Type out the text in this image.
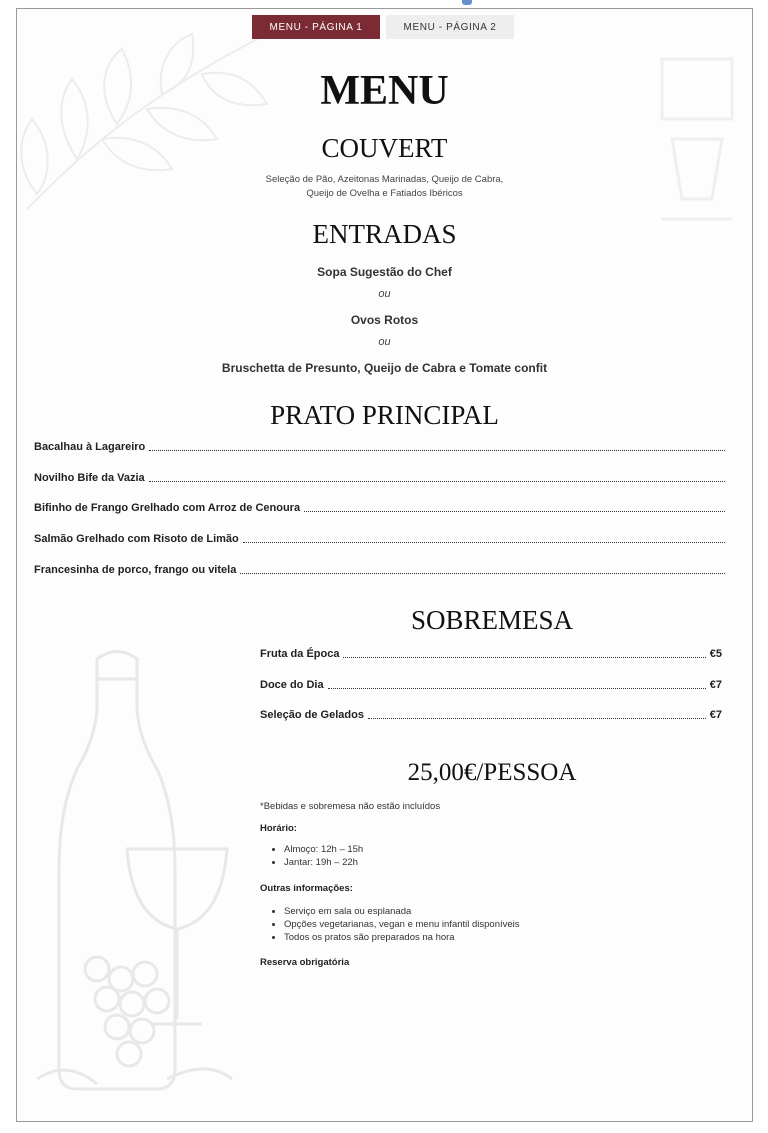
MENU - PÁGINA 1	MENU - PÁGINA 2
MENU
COUVERT
Seleção de Pão, Azeitonas Marinadas, Queijo de Cabra,
Queijo de Ovelha e Fatiados Ibéricos
ENTRADAS
Sopa Sugestão do Chef
ou
Ovos Rotos
ou
Bruschetta de Presunto, Queijo de Cabra e Tomate confit
PRATO PRINCIPAL
Bacalhau à Lagareiro
Novilho Bife da Vazia
Bifinho de Frango Grelhado com Arroz de Cenoura
Salmão Grelhado com Risoto de Limão
Francesinha de porco, frango ou vitela
SOBREMESA
Fruta da Época	€5
Doce do Dia	€7
Seleção de Gelados	€7
25,00€/PESSOA
*Bebidas e sobremesa não estão incluídos
Horário:
• Almoço: 12h – 15h
• Jantar: 19h – 22h
Outras informações:
• Serviço em sala ou esplanada
• Opções vegetarianas, vegan e menu infantil disponíveis
• Todos os pratos são preparados na hora
Reserva obrigatória
